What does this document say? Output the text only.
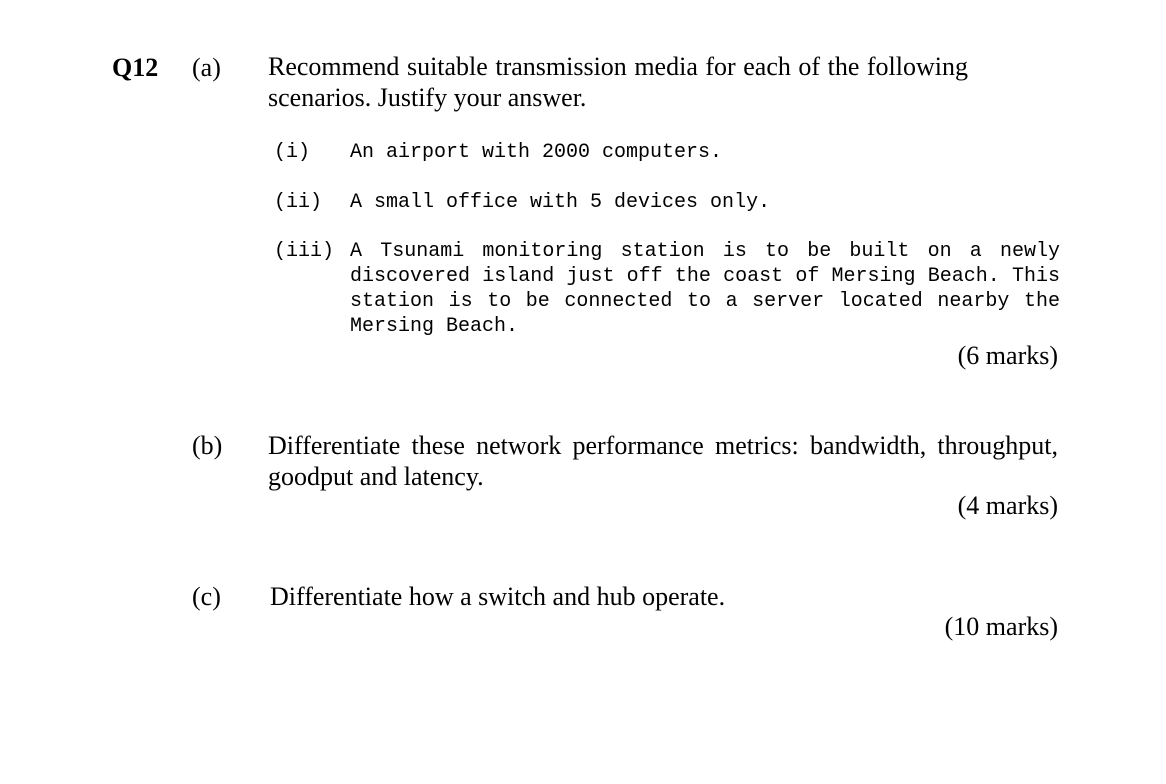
Q12 (a) Recommend suitable transmission media for each of the following scenarios. Justify your answer.
(i) An airport with 2000 computers.
(ii) A small office with 5 devices only.
(iii) A Tsunami monitoring station is to be built on a newly discovered island just off the coast of Mersing Beach. This station is to be connected to a server located nearby the Mersing Beach.
(6 marks)
(b) Differentiate these network performance metrics: bandwidth, throughput, goodput and latency.
(4 marks)
(c) Differentiate how a switch and hub operate.
(10 marks)
